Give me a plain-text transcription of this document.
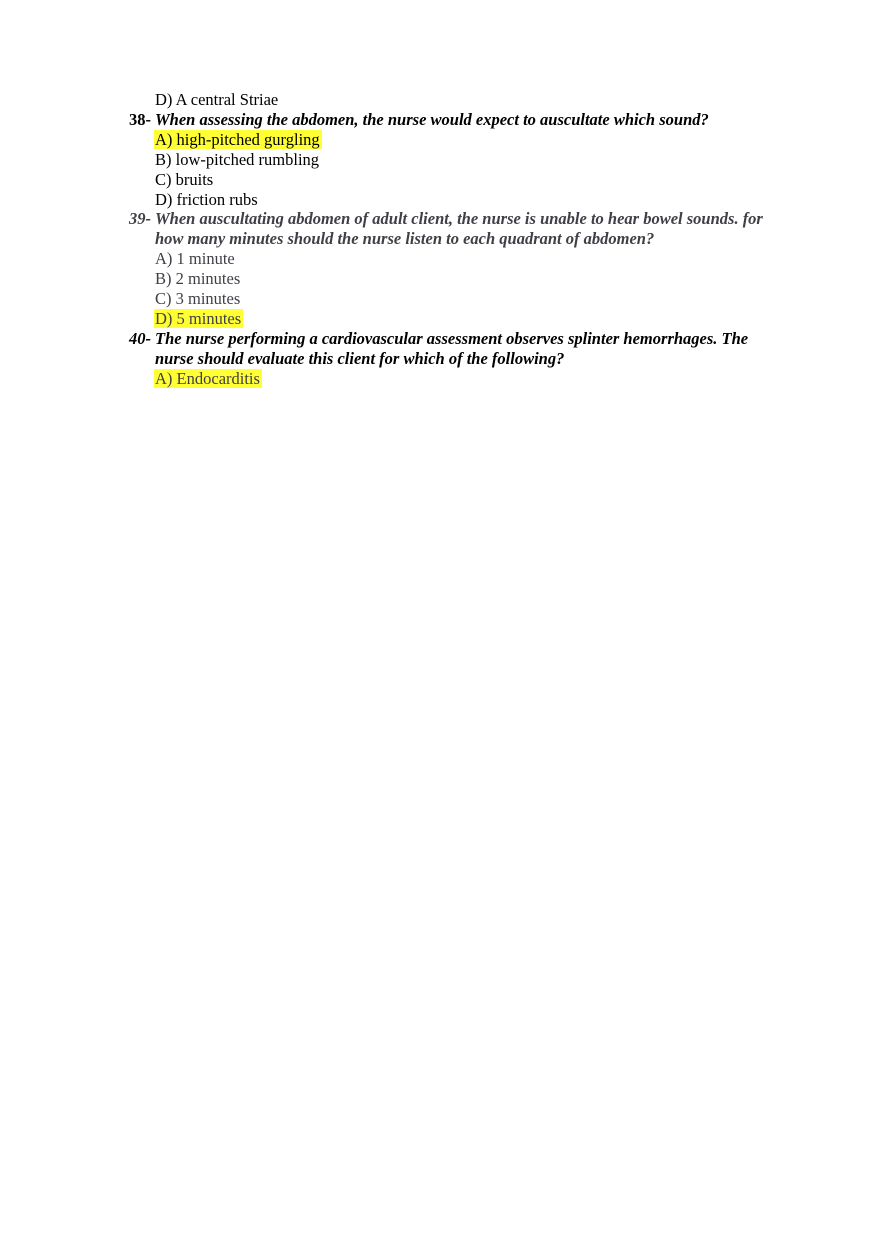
D) A central Striae
38- When assessing the abdomen, the nurse would expect to auscultate which sound?
A) high-pitched gurgling
B) low-pitched rumbling
C) bruits
D) friction rubs
39- When auscultating abdomen of adult client, the nurse is unable to hear bowel sounds. for
how many minutes should the nurse listen to each quadrant of abdomen?
A) 1 minute
B) 2 minutes
C) 3 minutes
D) 5 minutes
40- The nurse performing a cardiovascular assessment observes splinter hemorrhages. The
nurse should evaluate this client for which of the following?
A) Endocarditis
